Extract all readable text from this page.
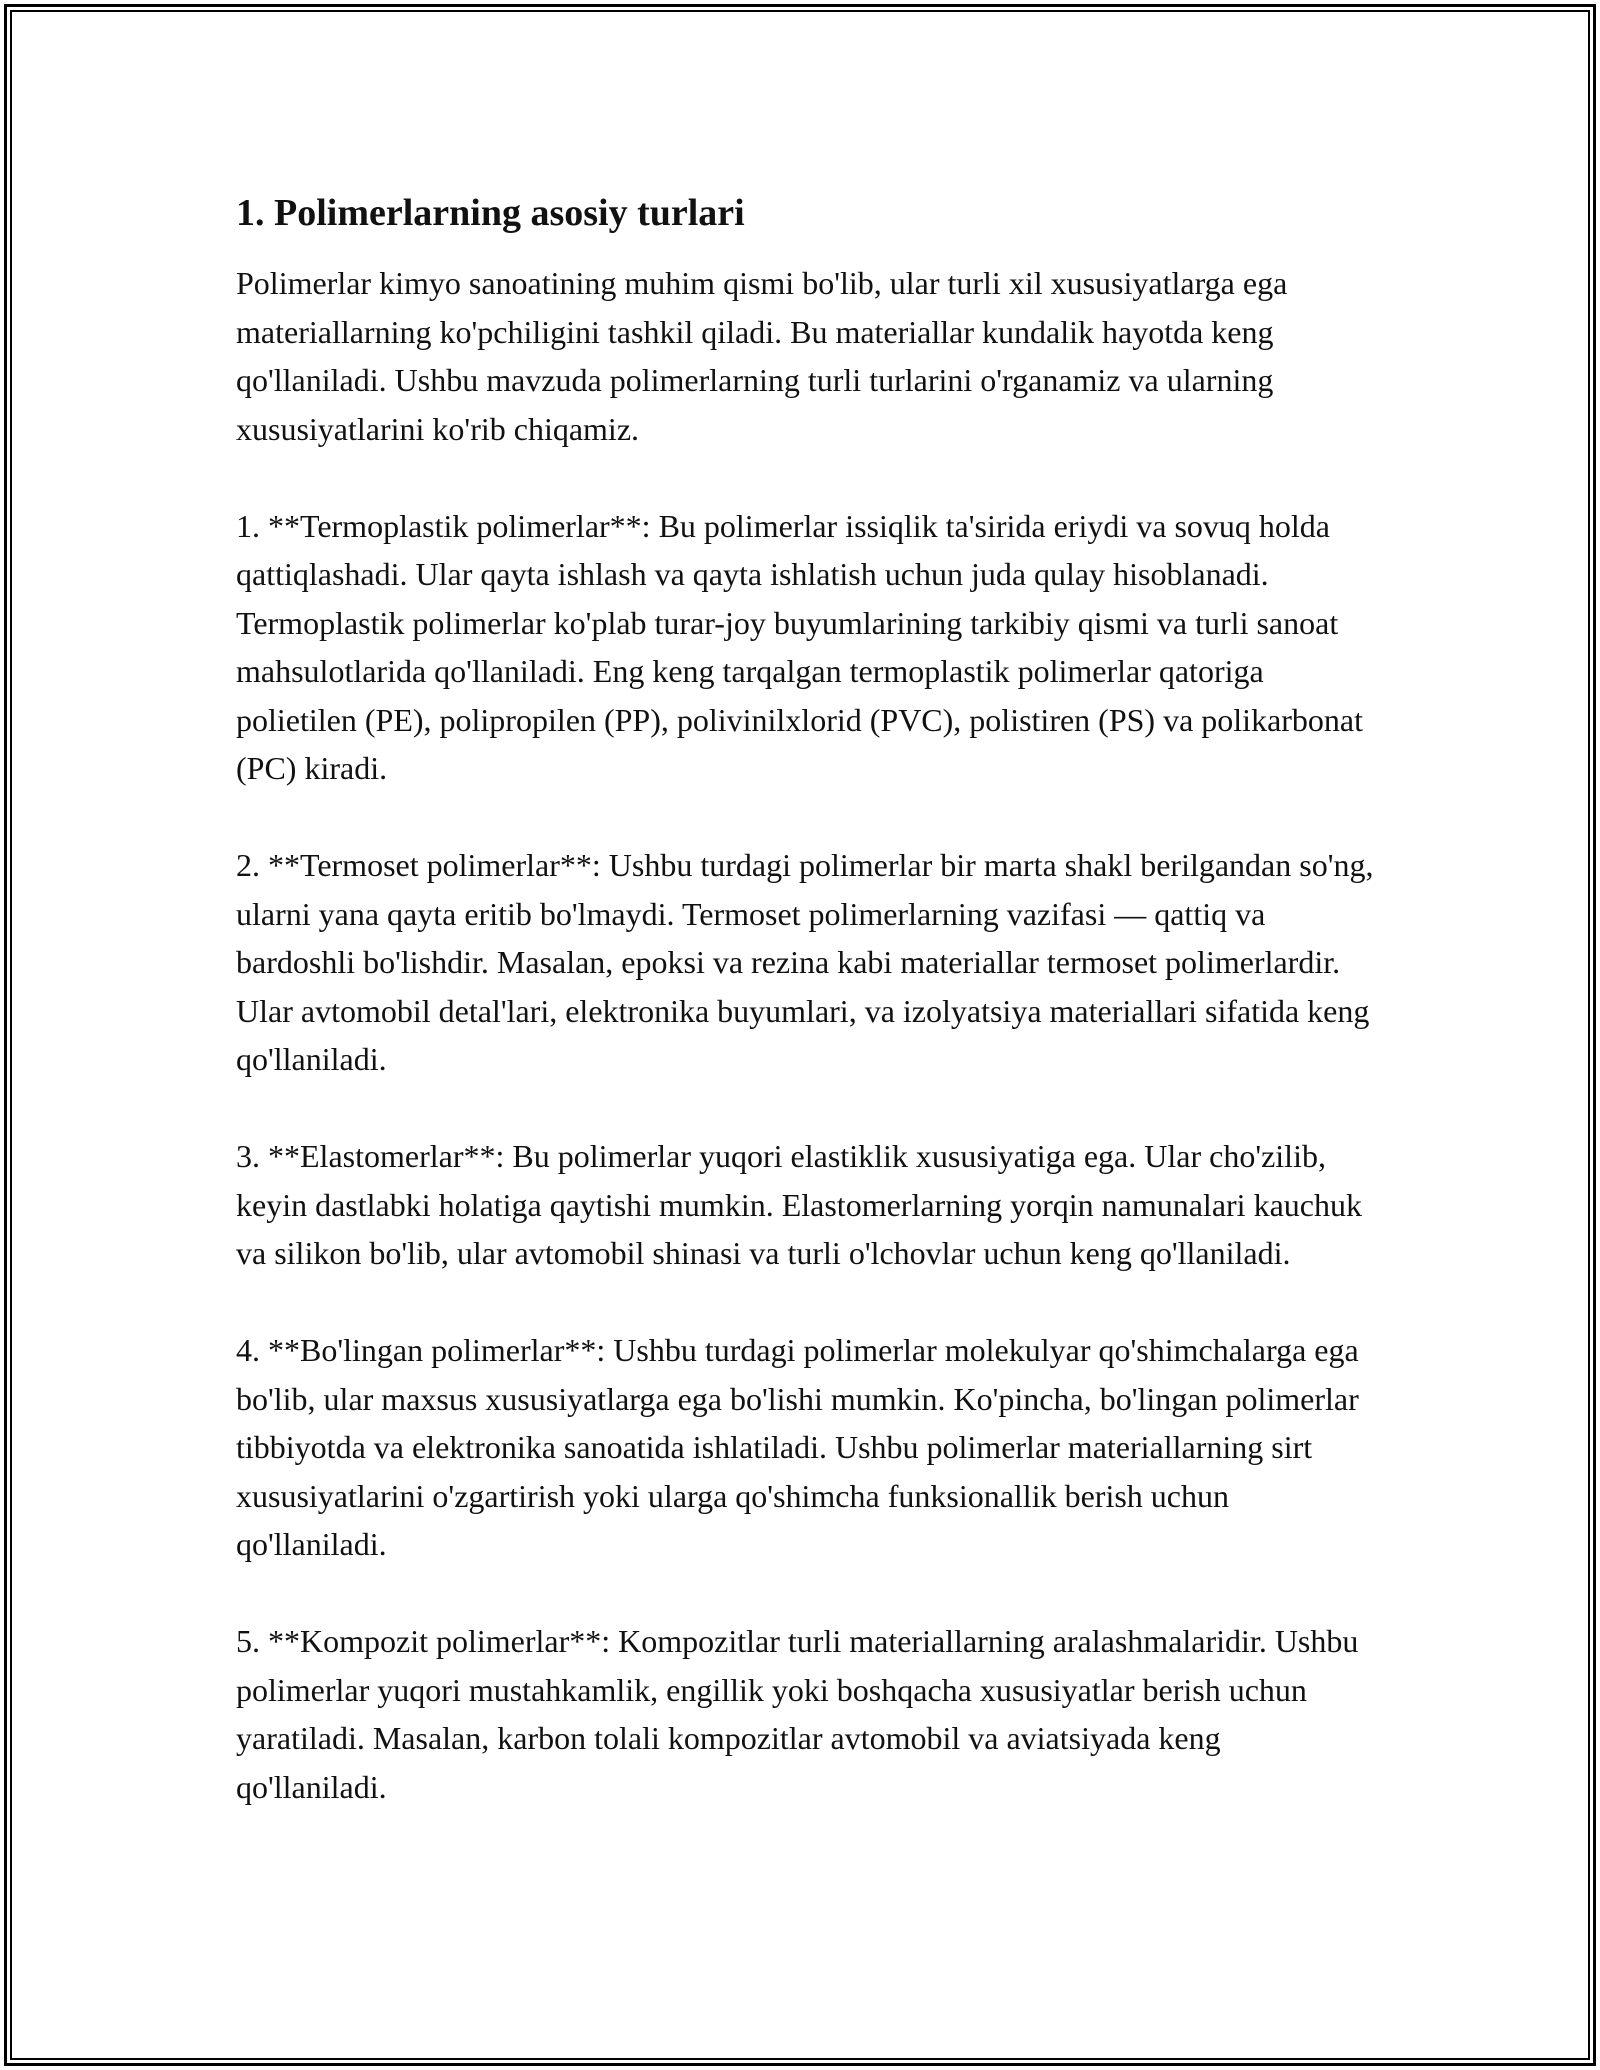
1. Polimerlarning asosiy turlari

Polimerlar kimyo sanoatining muhim qismi bo'lib, ular turli xil xususiyatlarga ega materiallarning ko'pchiligini tashkil qiladi. Bu materiallar kundalik hayotda keng qo'llaniladi. Ushbu mavzuda polimerlarning turli turlarini o'rganamiz va ularning xususiyatlarini ko'rib chiqamiz.

1. **Termoplastik polimerlar**: Bu polimerlar issiqlik ta'sirida eriydi va sovuq holda qattiqlashadi. Ular qayta ishlash va qayta ishlatish uchun juda qulay hisoblanadi. Termoplastik polimerlar ko'plab turar-joy buyumlarining tarkibiy qismi va turli sanoat mahsulotlarida qo'llaniladi. Eng keng tarqalgan termoplastik polimerlar qatoriga polietilen (PE), polipropilen (PP), polivinilxlorid (PVC), polistiren (PS) va polikarbonat (PC) kiradi.

2. **Termoset polimerlar**: Ushbu turdagi polimerlar bir marta shakl berilgandan so'ng, ularni yana qayta eritib bo'lmaydi. Termoset polimerlarning vazifasi — qattiq va bardoshli bo'lishdir. Masalan, epoksi va rezina kabi materiallar termoset polimerlardir. Ular avtomobil detal'lari, elektronika buyumlari, va izolyatsiya materiallari sifatida keng qo'llaniladi.

3. **Elastomerlar**: Bu polimerlar yuqori elastiklik xususiyatiga ega. Ular cho'zilib, keyin dastlabki holatiga qaytishi mumkin. Elastomerlarning yorqin namunalari kauchuk va silikon bo'lib, ular avtomobil shinasi va turli o'lchovlar uchun keng qo'llaniladi.

4. **Bo'lingan polimerlar**: Ushbu turdagi polimerlar molekulyar qo'shimchalarga ega bo'lib, ular maxsus xususiyatlarga ega bo'lishi mumkin. Ko'pincha, bo'lingan polimerlar tibbiyotda va elektronika sanoatida ishlatiladi. Ushbu polimerlar materiallarning sirt xususiyatlarini o'zgartirish yoki ularga qo'shimcha funksionallik berish uchun qo'llaniladi.

5. **Kompozit polimerlar**: Kompozitlar turli materiallarning aralashmalaridir. Ushbu polimerlar yuqori mustahkamlik, engillik yoki boshqacha xususiyatlar berish uchun yaratiladi. Masalan, karbon tolali kompozitlar avtomobil va aviatsiyada keng qo'llaniladi.
